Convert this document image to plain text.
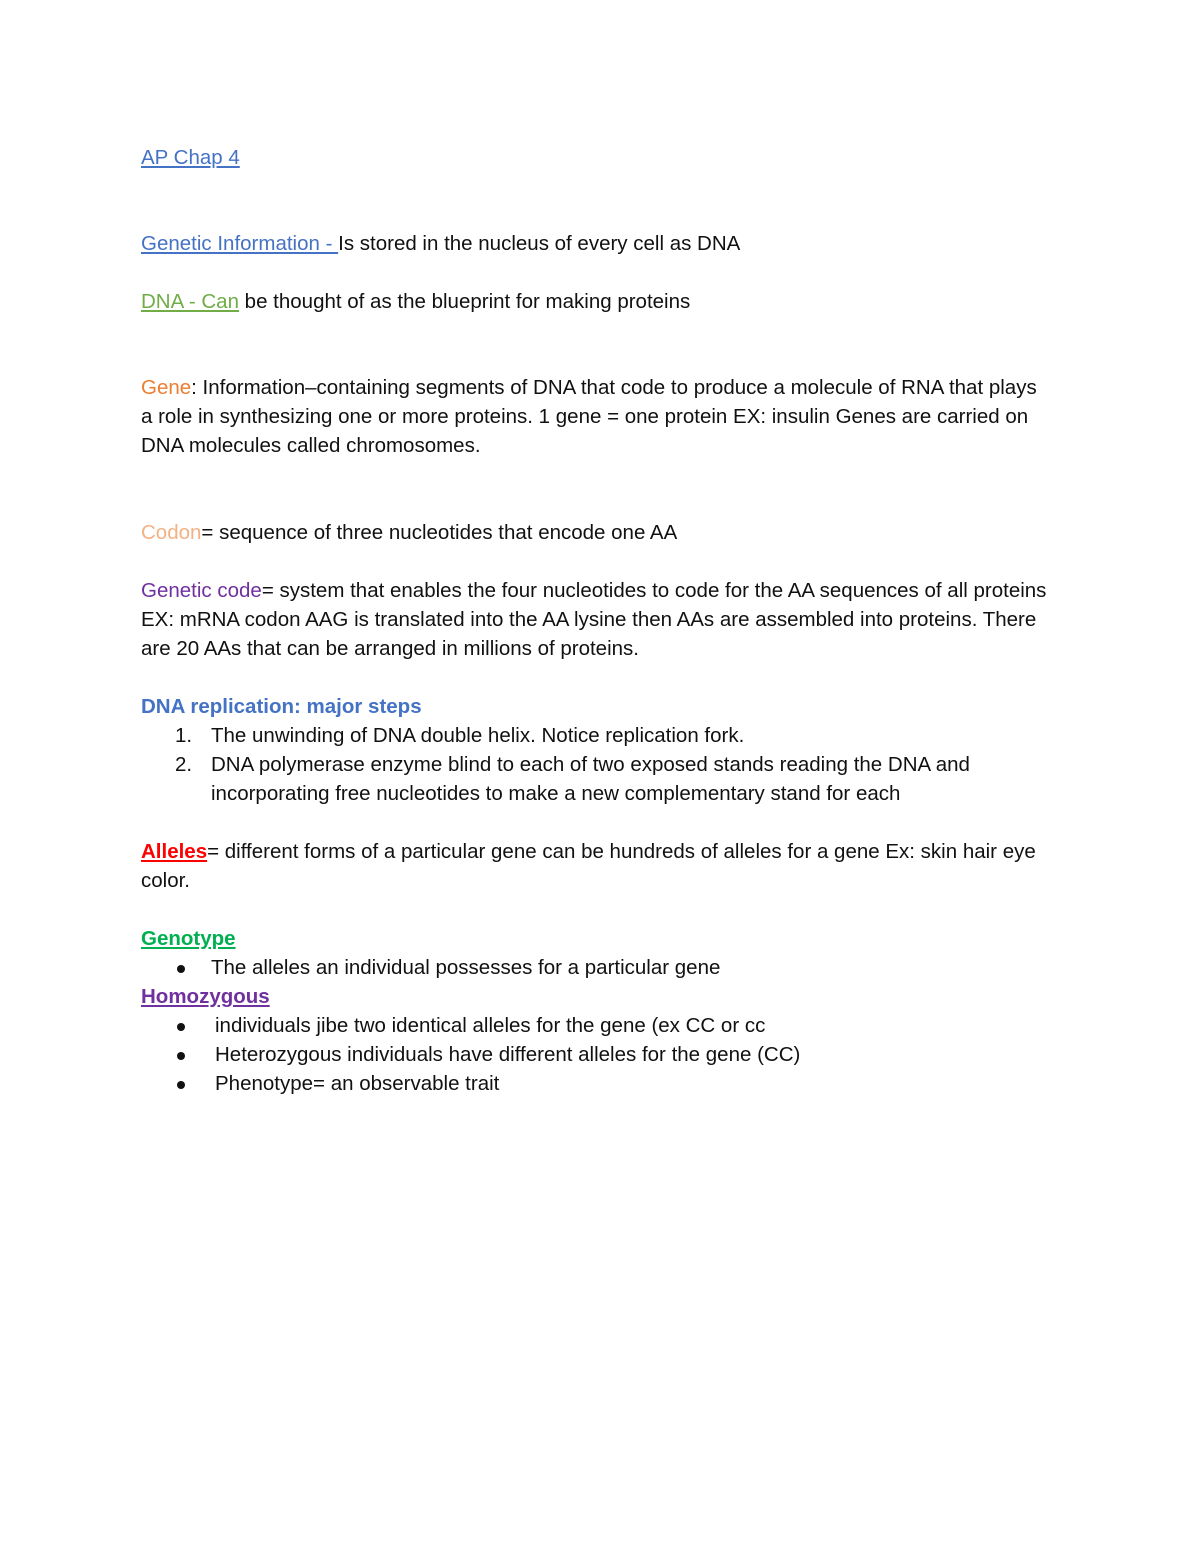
AP Chap 4

Genetic Information - Is stored in the nucleus of every cell as DNA

DNA - Can be thought of as the blueprint for making proteins

Gene: Information–containing segments of DNA that code to produce a molecule of RNA that plays a role in synthesizing one or more proteins. 1 gene = one protein EX: insulin Genes are carried on DNA molecules called chromosomes.

Codon= sequence of three nucleotides that encode one AA

Genetic code= system that enables the four nucleotides to code for the AA sequences of all proteins EX: mRNA codon AAG is translated into the AA lysine then AAs are assembled into proteins. There are 20 AAs that can be arranged in millions of proteins.

DNA replication: major steps

1. The unwinding of DNA double helix. Notice replication fork.
2. DNA polymerase enzyme blind to each of two exposed stands reading the DNA and incorporating free nucleotides to make a new complementary stand for each

Alleles= different forms of a particular gene can be hundreds of alleles for a gene Ex: skin hair eye color.

Genotype

The alleles an individual possesses for a particular gene

Homozygous

individuals jibe two identical alleles for the gene (ex CC or cc
Heterozygous individuals have different alleles for the gene (CC)
Phenotype= an observable trait
